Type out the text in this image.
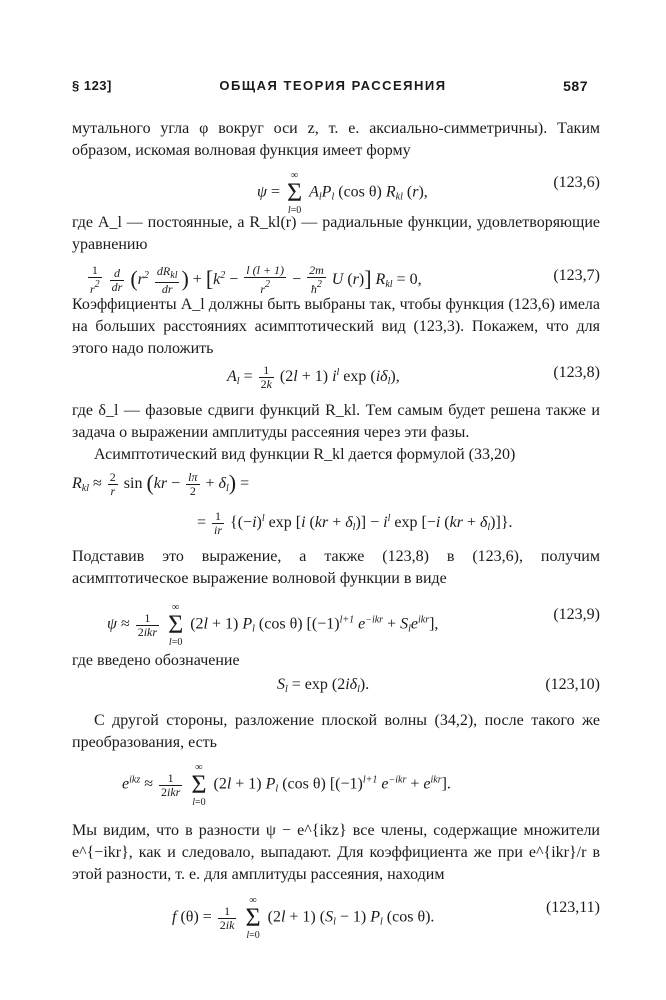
§ 123]	ОБЩАЯ ТЕОРИЯ РАССЕЯНИЯ	587
мутального угла φ вокруг оси z, т. е. аксиально-симметричны). Таким образом, искомая волновая функция имеет форму
ψ =
∞
Σ
l=0
$A_lP_l$ (cos θ) $R_{kl}$ (r),
(123,6)
где A_l — постоянные, а R_kl(r) — радиальные функции, удовлетворяющие уравнению
$\frac{1}{r^2}$
$\frac{d}{dr} (r^2 \frac{dR_{kl}}{dr}$ ) + [$k^2 - \frac{l (l + 1)}{r^2} - \frac{2m}{ħ^2}$ U (r)] $R_{kl} = 0$,	(123,7)
Коэффициенты A_l должны быть выбраны так, чтобы функция (123,6) имела на больших расстояниях асимптотический вид (123,3). Покажем, что для этого надо положить
$A_l = \frac{1}{2k} (2l + 1)$ $i^l$ $\exp (i\delta_l)$,	(123,8)
где δ_l — фазовые сдвиги функций R_kl. Тем самым будет решена также и задача о выражении амплитуды рассеяния через эти фазы.
Асимптотический вид функции R_kl дается формулой (33,20)
$R_{kl} \approx \frac{2}{r}$ $\sin (kr - \frac{l\pi}{2} + \delta_l)$ =
= $\frac{1}{ir} \{(-i)^l$ exp [i $(kr + \delta_l)] - i^l$ exp [−i $(kr + \delta_l)$]}.
Подставив это выражение, а также (123,8) в (123,6), получим асимптотическое выражение волновой функции в виде
$\psi \approx \frac{1}{\text{2ikr}}$

∞
Σ
l=0
(2l + 1) $P_l$ (cos θ) [$(-1)^{l+1}$ $e^{-ikr} + S_le^{ikr}$],
(123,9)
где введено обозначение
$S_l = \exp (2i\delta_l)$.	(123,10)
С другой стороны, разложение плоской волны (34,2), после такого же преобразования, есть
$e^{ikz} \approx \frac{1}{\text{2ikr}}$

∞
Σ
l=0
(2l + 1) $P_l$ (cos θ) [$(-1)^{l+1}$ $e^{-ikr} + e^{ikr}$].
Мы видим, что в разности ψ − e^{ikz} все члены, содержащие множители e^{−ikr}, как и следовало, выпадают. Для коэффициента же при e^{ikr}/r в этой разности, т. е. для амплитуды рассеяния, находим
f $(\theta) = \frac{1}{2ik}$

∞
Σ
l=0
(2l + 1) $(S_l - 1)$ $P_l$ (cos θ).
(123,11)
